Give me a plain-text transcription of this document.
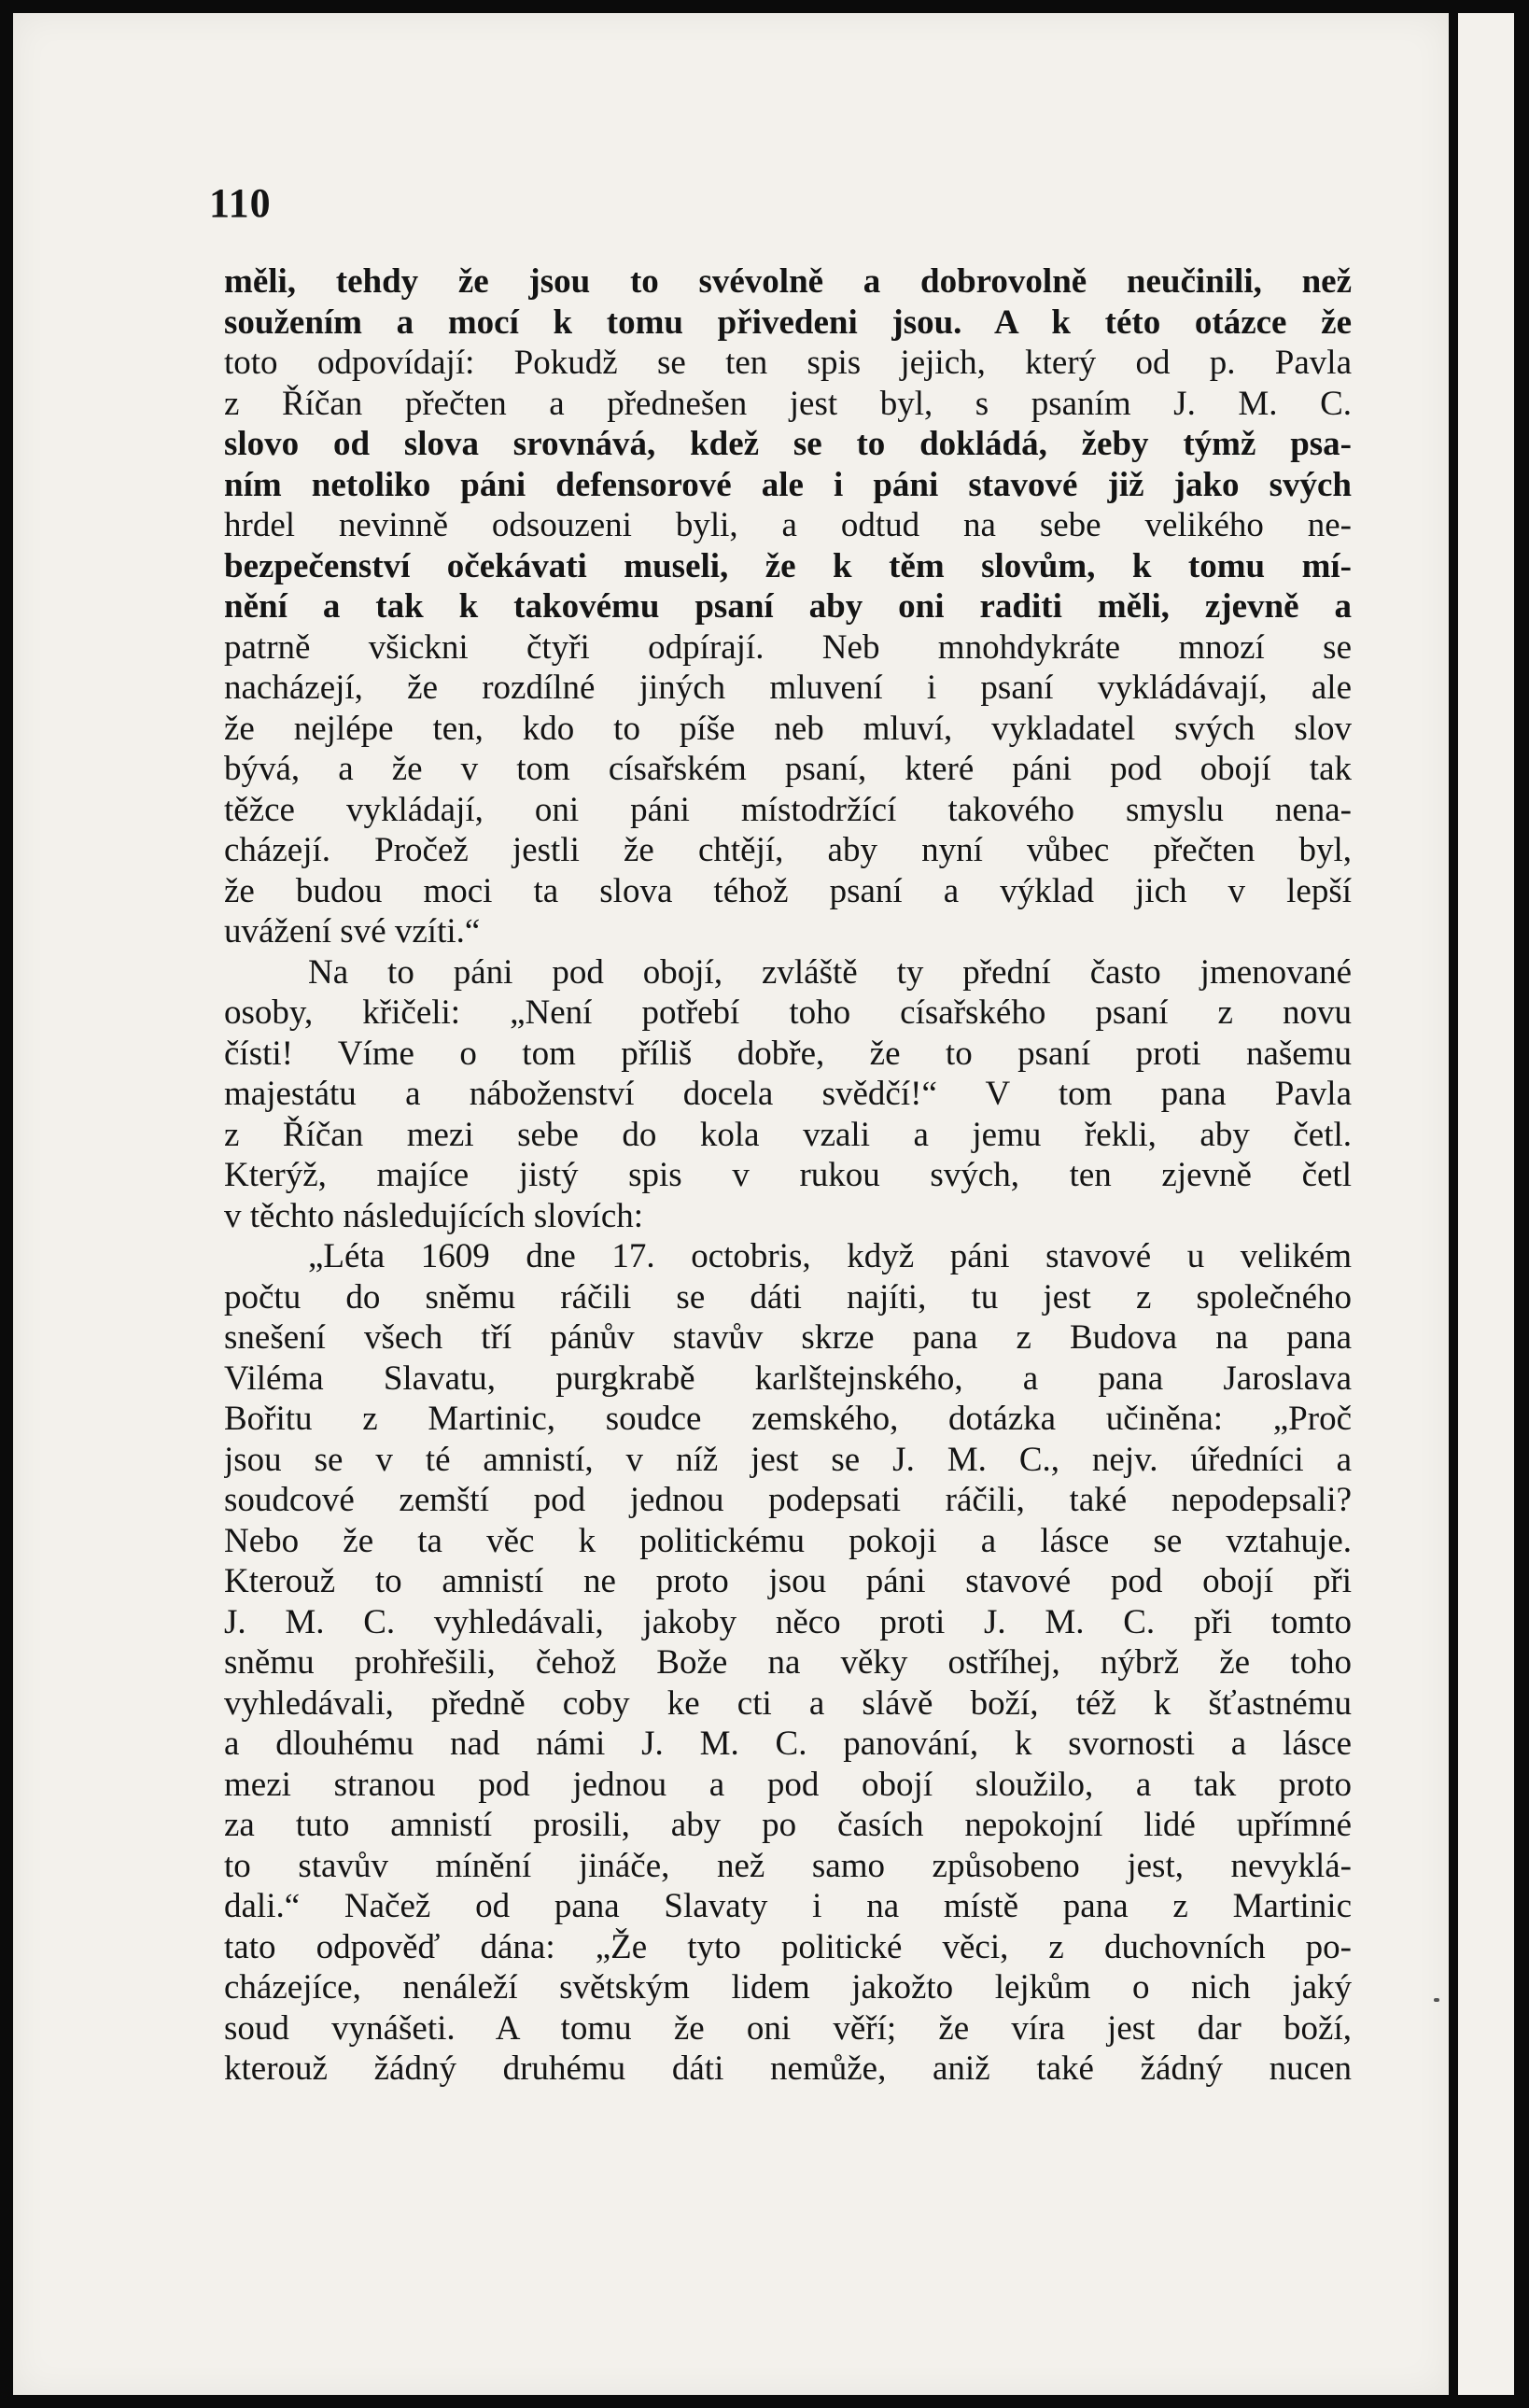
110
měli, tehdy že jsou to svévolně a dobrovolně neučinili, než
soužením a mocí k tomu přivedeni jsou. A k této otázce že
toto odpovídají: Pokudž se ten spis jejich, který od p. Pavla
z Říčan přečten a přednešen jest byl, s psaním J. M. C.
slovo od slova srovnává, kdež se to dokládá, žeby týmž psa-
ním netoliko páni defensorové ale i páni stavové již jako svých
hrdel nevinně odsouzeni byli, a odtud na sebe velikého ne-
bezpečenství očekávati museli, že k těm slovům, k tomu mí-
nění a tak k takovému psaní aby oni raditi měli, zjevně a
patrně všickni čtyři odpírají. Neb mnohdykráte mnozí se
nacházejí, že rozdílné jiných mluvení i psaní vykládávají, ale
že nejlépe ten, kdo to píše neb mluví, vykladatel svých slov
bývá, a že v tom císařském psaní, které páni pod obojí tak
těžce vykládají, oni páni místodržící takového smyslu nena-
cházejí. Pročež jestli že chtějí, aby nyní vůbec přečten byl,
že budou moci ta slova téhož psaní a výklad jich v lepší
uvážení své vzíti.“
Na to páni pod obojí, zvláště ty přední často jmenované
osoby, křičeli: „Není potřebí toho císařského psaní z novu
čísti! Víme o tom příliš dobře, že to psaní proti našemu
majestátu a náboženství docela svědčí!“ V tom pana Pavla
z Říčan mezi sebe do kola vzali a jemu řekli, aby četl.
Kterýž, majíce jistý spis v rukou svých, ten zjevně četl
v těchto následujících slovích:
„Léta 1609 dne 17. octobris, když páni stavové u velikém
počtu do sněmu ráčili se dáti najíti, tu jest z společného
snešení všech tří pánův stavův skrze pana z Budova na pana
Viléma Slavatu, purgkrabě karlštejnského, a pana Jaroslava
Bořitu z Martinic, soudce zemského, dotázka učiněna: „Proč
jsou se v té amnistí, v níž jest se J. M. C., nejv. úředníci a
soudcové zemští pod jednou podepsati ráčili, také nepodepsali?
Nebo že ta věc k politickému pokoji a lásce se vztahuje.
Kterouž to amnistí ne proto jsou páni stavové pod obojí při
J. M. C. vyhledávali, jakoby něco proti J. M. C. při tomto
sněmu prohřešili, čehož Bože na věky ostříhej, nýbrž že toho
vyhledávali, předně coby ke cti a slávě boží, též k šťastnému
a dlouhému nad námi J. M. C. panování, k svornosti a lásce
mezi stranou pod jednou a pod obojí sloužilo, a tak proto
za tuto amnistí prosili, aby po časích nepokojní lidé upřímné
to stavův mínění jináče, než samo způsobeno jest, nevyklá-
dali.“ Načež od pana Slavaty i na místě pana z Martinic
tato odpověď dána: „Že tyto politické věci, z duchovních po-
cházejíce, nenáleží světským lidem jakožto lejkům o nich jaký
soud vynášeti. A tomu že oni věří; že víra jest dar boží,
kterouž žádný druhému dáti nemůže, aniž také žádný nucen
